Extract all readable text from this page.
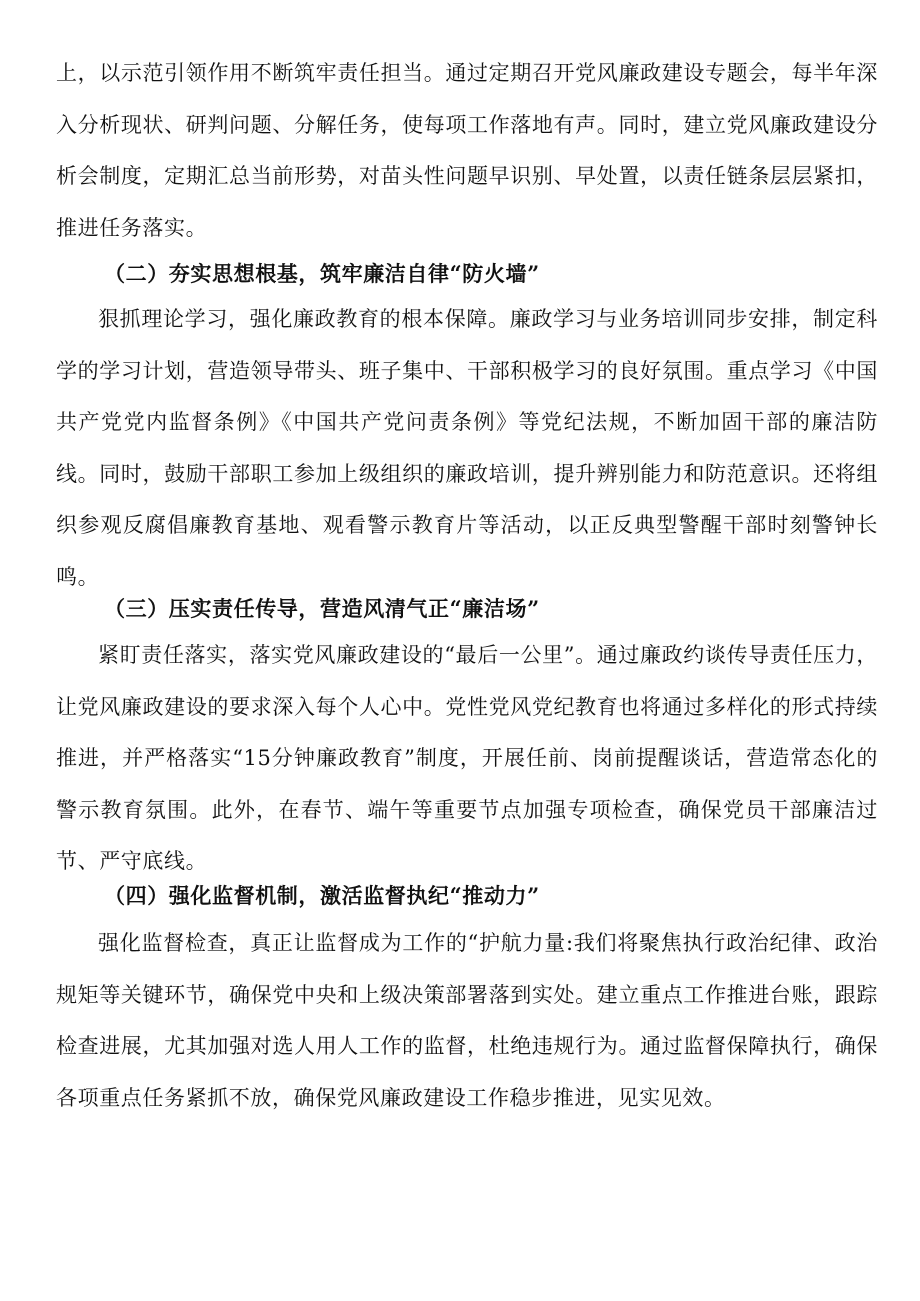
上，以示范引领作用不断筑牢责任担当。通过定期召开党风廉政建设专题会，每半年深入分析现状、研判问题、分解任务，使每项工作落地有声。同时，建立党风廉政建设分析会制度，定期汇总当前形势，对苗头性问题早识别、早处置，以责任链条层层紧扣，推进任务落实。

（二）夯实思想根基，筑牢廉洁自律“防火墙”

狠抓理论学习，强化廉政教育的根本保障。廉政学习与业务培训同步安排，制定科学的学习计划，营造领导带头、班子集中、干部积极学习的良好氛围。重点学习《中国共产党党内监督条例》《中国共产党问责条例》等党纪法规，不断加固干部的廉洁防线。同时，鼓励干部职工参加上级组织的廉政培训，提升辨别能力和防范意识。还将组织参观反腐倡廉教育基地、观看警示教育片等活动，以正反典型警醒干部时刻警钟长鸣。

（三）压实责任传导，营造风清气正“廉洁场”

紧盯责任落实，落实党风廉政建设的“最后一公里”。通过廉政约谈传导责任压力，让党风廉政建设的要求深入每个人心中。党性党风党纪教育也将通过多样化的形式持续推进，并严格落实“15分钟廉政教育”制度，开展任前、岗前提醒谈话，营造常态化的警示教育氛围。此外，在春节、端午等重要节点加强专项检查，确保党员干部廉洁过节、严守底线。

（四）强化监督机制，激活监督执纪“推动力”

强化监督检查，真正让监督成为工作的“护航力量:我们将聚焦执行政治纪律、政治规矩等关键环节，确保党中央和上级决策部署落到实处。建立重点工作推进台账，跟踪检查进展，尤其加强对选人用人工作的监督，杜绝违规行为。通过监督保障执行，确保各项重点任务紧抓不放，确保党风廉政建设工作稳步推进，见实见效。
